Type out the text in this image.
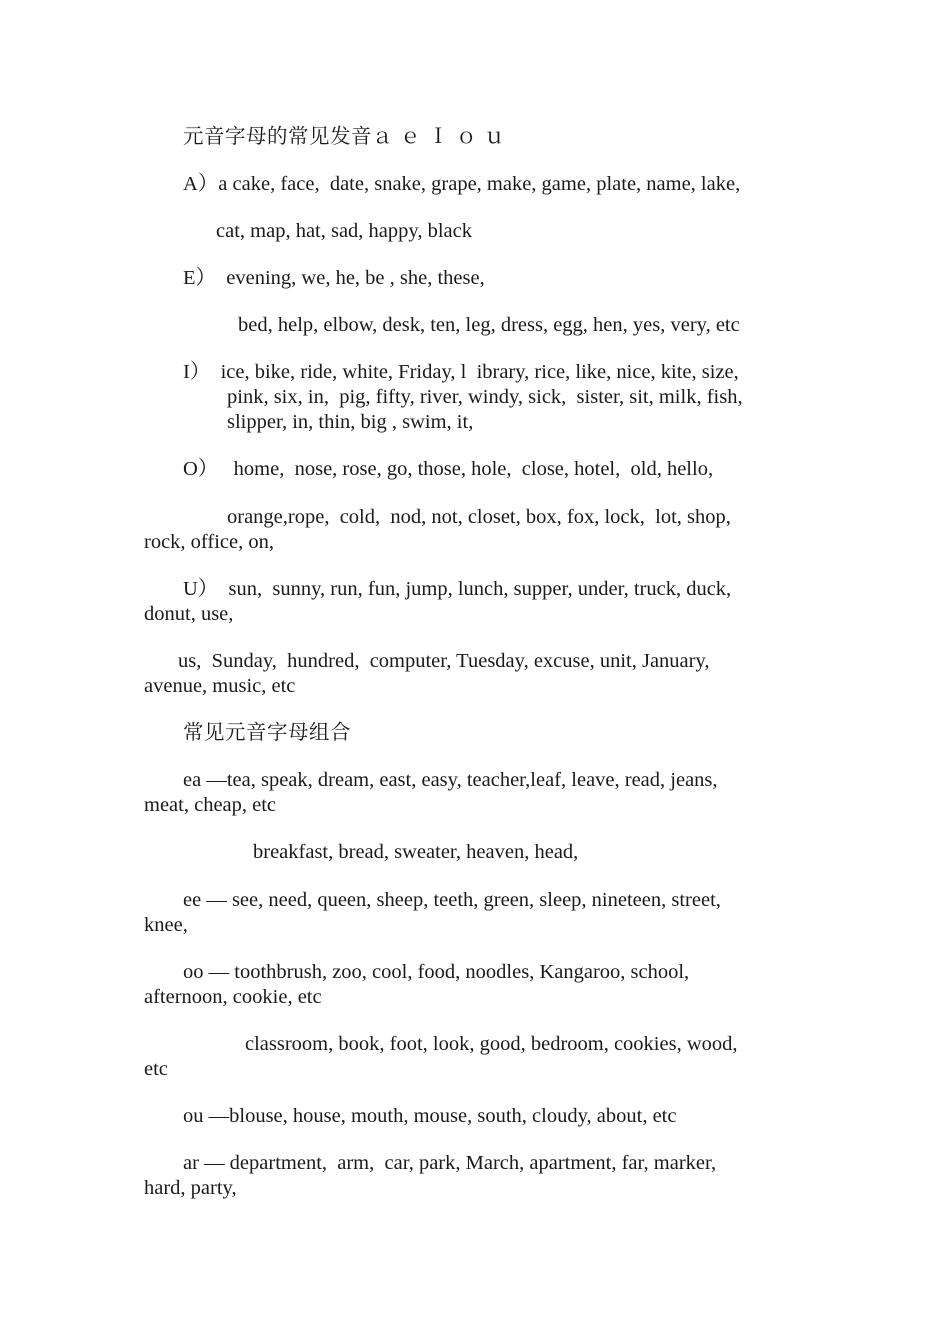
元音字母的常见发音ａ ｅ Ｉ ｏ ｕ

A）a cake, face,  date, snake, grape, make, game, plate, name, lake,

cat, map, hat, sad, happy, black

E）  evening, we, he, be , she, these,

bed, help, elbow, desk, ten, leg, dress, egg, hen, yes, very, etc

I）  ice, bike, ride, white, Friday, l  ibrary, rice, like, nice, kite, size,

pink, six, in,  pig, fifty, river, windy, sick,  sister, sit, milk, fish,

slipper, in, thin, big , swim, it,

O）   home,  nose, rose, go, those, hole,  close, hotel,  old, hello,

orange,rope,  cold,  nod, not, closet, box, fox, lock,  lot, shop,

rock, office, on,

U）  sun,  sunny, run, fun, jump, lunch, supper, under, truck, duck,

donut, use,

us,  Sunday,  hundred,  computer, Tuesday, excuse, unit, January,

avenue, music, etc

常见元音字母组合

ea —tea, speak, dream, east, easy, teacher,leaf, leave, read, jeans,

meat, cheap, etc

breakfast, bread, sweater, heaven, head,

ee — see, need, queen, sheep, teeth, green, sleep, nineteen, street,

knee,

oo — toothbrush, zoo, cool, food, noodles, Kangaroo, school,

afternoon, cookie, etc

classroom, book, foot, look, good, bedroom, cookies, wood,

etc

ou —blouse, house, mouth, mouse, south, cloudy, about, etc

ar — department,  arm,  car, park, March, apartment, far, marker,

hard, party,
